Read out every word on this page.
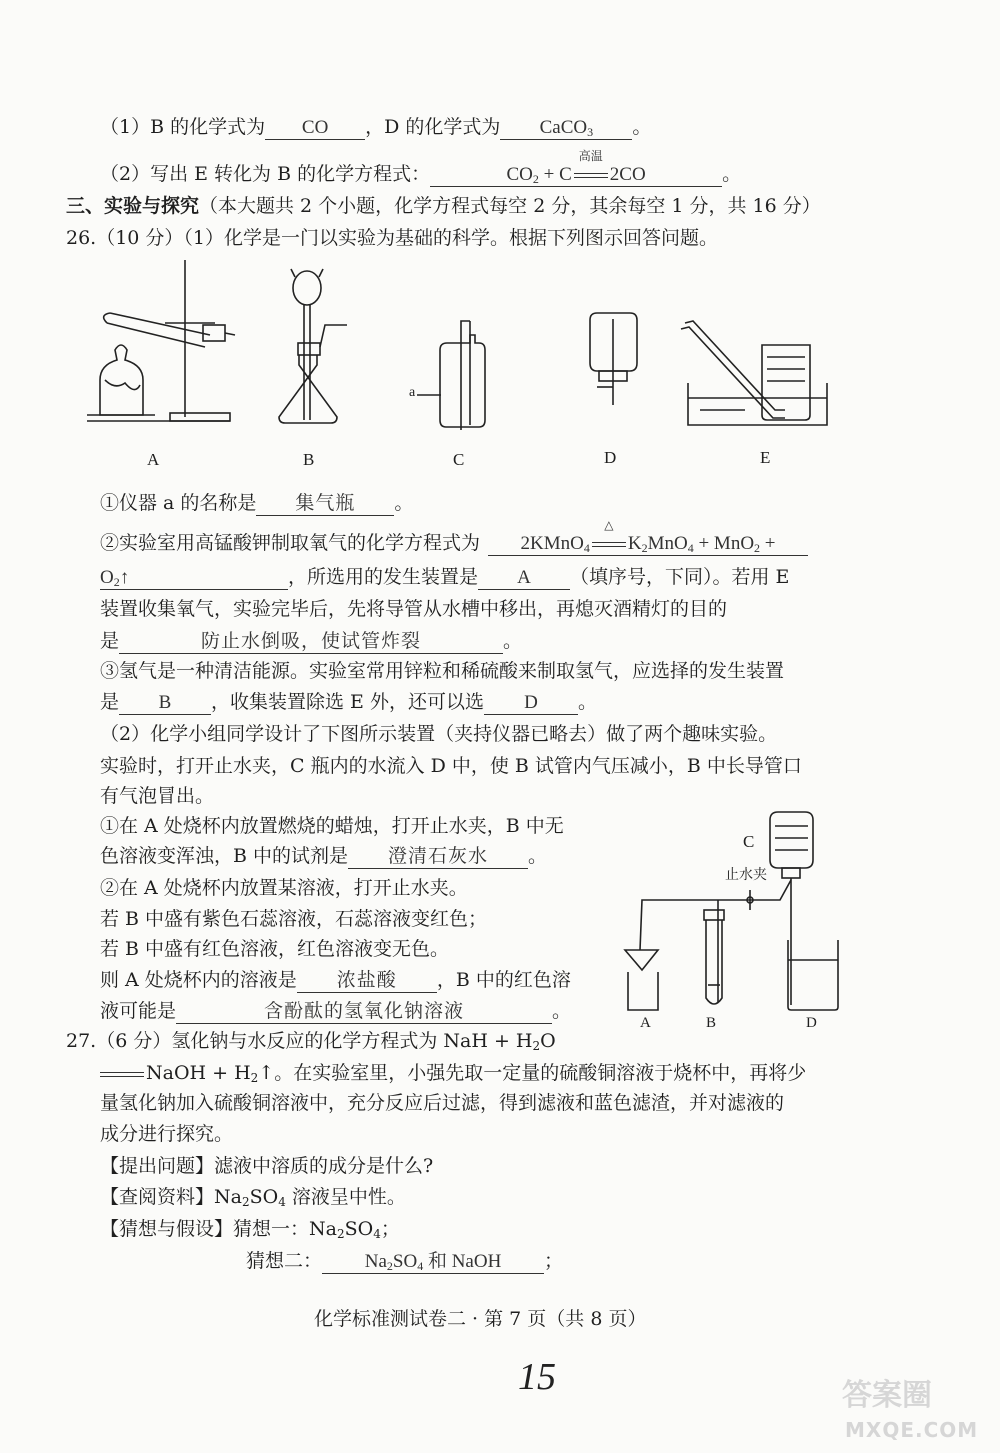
（1）B 的化学式为 CO ，D 的化学式为 CaCO$_3$ 。
（2）写出 E 转化为 B 的化学方程式：	$CO_2 + C$
高温
2CO	。
三、实验与探究（本大题共 2 个小题，化学方程式每空 2 分，其余每空 1 分，共 16 分）
26.（10 分）（1）化学是一门以实验为基础的科学。根据下列图示回答问题。
A	B	C	D	E
a
①仪器 a 的名称是 集气瓶 。
②实验室用高锰酸钾制取氧气的化学方程式为 2KMnO$_4$
△
$K_2MnO_4 + MnO_2$ +
$O_2↑$	，所选用的发生装置是 A （填序号，下同）。若用 E
装置收集氧气，实验完毕后，先将导管从水槽中移出，再熄灭酒精灯的目的
是	防止水倒吸，使试管炸裂	。
③氢气是一种清洁能源。实验室常用锌粒和稀硫酸来制取氢气，应选择的发生装置
是 B ，收集装置除选 E 外，还可以选 D 。
（2）化学小组同学设计了下图所示装置（夹持仪器已略去）做了两个趣味实验。
实验时，打开止水夹，C 瓶内的水流入 D 中，使 B 试管内气压减小，B 中长导管口
有气泡冒出。
①在 A 处烧杯内放置燃烧的蜡烛，打开止水夹，B 中无
色溶液变浑浊，B 中的试剂是 澄清石灰水 。
②在 A 处烧杯内放置某溶液，打开止水夹。
若 B 中盛有紫色石蕊溶液，石蕊溶液变红色；
若 B 中盛有红色溶液，红色溶液变无色。
则 A 处烧杯内的溶液是 浓盐酸 ，B 中的红色溶
液可能是	含酚酞的氢氧化钠溶液	。
C
止水夹
A	B	D
27.（6 分）氢化钠与水反应的化学方程式为 NaH + $H_2O$
NaOH + $H_2↑$。在实验室里，小强先取一定量的硫酸铜溶液于烧杯中，再将少
量氢化钠加入硫酸铜溶液中，充分反应后过滤，得到滤液和蓝色滤渣，并对滤液的
成分进行探究。
【提出问题】滤液中溶质的成分是什么?
【查阅资料】$Na_2SO_4$ 溶液呈中性。
【猜想与假设】猜想一：$Na_2SO_4$；
猜想二： $Na_2SO_4$ 和 NaOH ；
化学标准测试卷二 · 第 7 页（共 8 页）
15	答案圈
MXQE.COM
